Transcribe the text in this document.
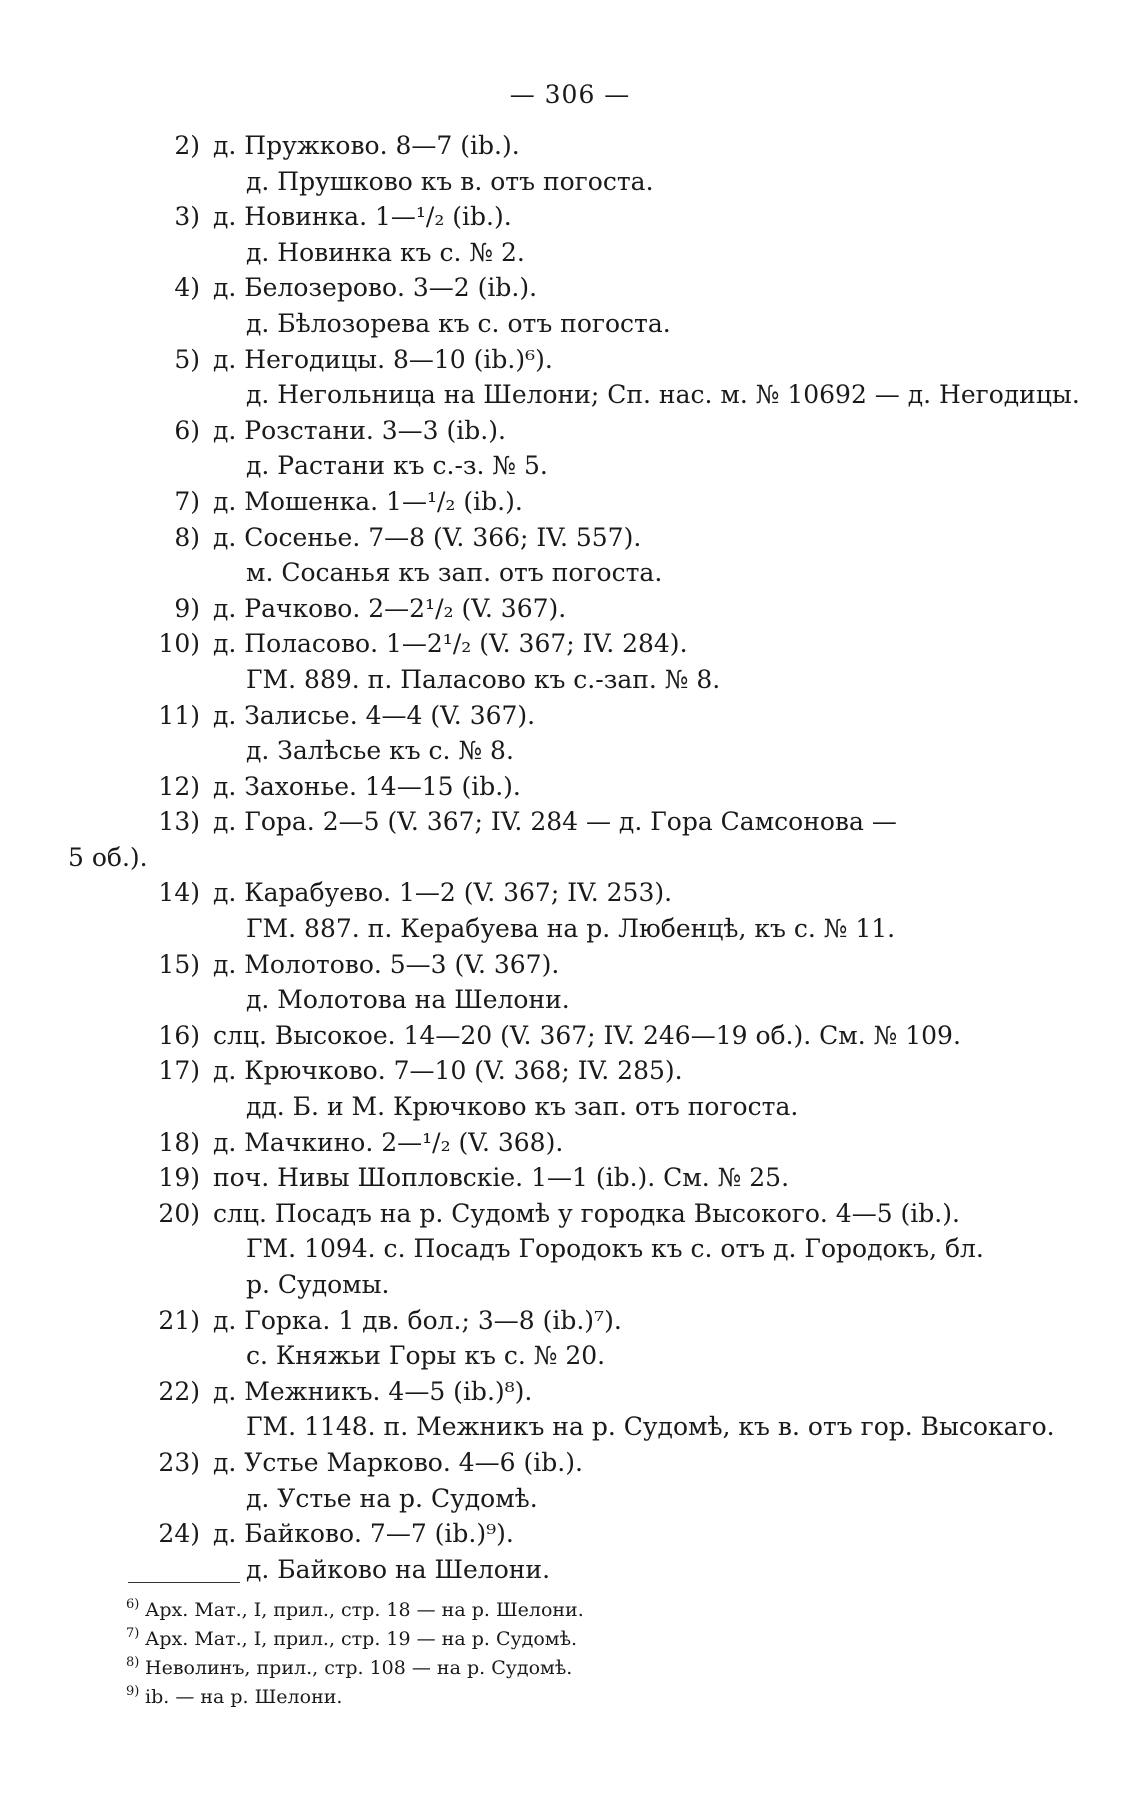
— 306 —
2) д. Пружково. 8—7 (ib.).
д. Прушково къ в. отъ погоста.
3) д. Новинка. 1—¹/₂ (ib.).
д. Новинка къ с. № 2.
4) д. Белозерово. 3—2 (ib.).
д. Бѣлозорева къ с. отъ погоста.
5) д. Негодицы. 8—10 (ib.)⁶).
д. Негольница на Шелони; Сп. нас. м. № 10692 — д. Негодицы.
6) д. Розстани. 3—3 (ib.).
д. Растани къ с.-з. № 5.
7) д. Мошенка. 1—¹/₂ (ib.).
8) д. Сосенье. 7—8 (V. 366; IV. 557).
м. Сосанья къ зап. отъ погоста.
9) д. Рачково. 2—2¹/₂ (V. 367).
10) д. Поласово. 1—2¹/₂ (V. 367; IV. 284).
ГМ. 889. п. Паласово къ с.-зап. № 8.
11) д. Залисье. 4—4 (V. 367).
д. Залѣсье къ с. № 8.
12) д. Захонье. 14—15 (ib.).
13) д. Гора. 2—5 (V. 367; IV. 284 — д. Гора Самсонова —
5 об.).
14) д. Карабуево. 1—2 (V. 367; IV. 253).
ГМ. 887. п. Керабуева на р. Любенцѣ, къ с. № 11.
15) д. Молотово. 5—3 (V. 367).
д. Молотова на Шелони.
16) слц. Высокое. 14—20 (V. 367; IV. 246—19 об.). См. № 109.
17) д. Крючково. 7—10 (V. 368; IV. 285).
дд. Б. и М. Крючково къ зап. отъ погоста.
18) д. Мачкино. 2—¹/₂ (V. 368).
19) поч. Нивы Шопловскіе. 1—1 (ib.). См. № 25.
20) слц. Посадъ на р. Судомѣ у городка Высокого. 4—5 (ib.).
ГМ. 1094. с. Посадъ Городокъ къ с. отъ д. Городокъ, бл.
р. Судомы.
21) д. Горка. 1 дв. бол.; 3—8 (ib.)⁷).
с. Княжьи Горы къ с. № 20.
22) д. Межникъ. 4—5 (ib.)⁸).
ГМ. 1148. п. Межникъ на р. Судомѣ, къ в. отъ гор. Высокаго.
23) д. Устье Марково. 4—6 (ib.).
д. Устье на р. Судомѣ.
24) д. Байково. 7—7 (ib.)⁹).
д. Байково на Шелони.
6) Арх. Мат., I, прил., стр. 18 — на р. Шелони.
7) Арх. Мат., I, прил., стр. 19 — на р. Судомѣ.
8) Неволинъ, прил., стр. 108 — на р. Судомѣ.
9) ib. — на р. Шелони.
